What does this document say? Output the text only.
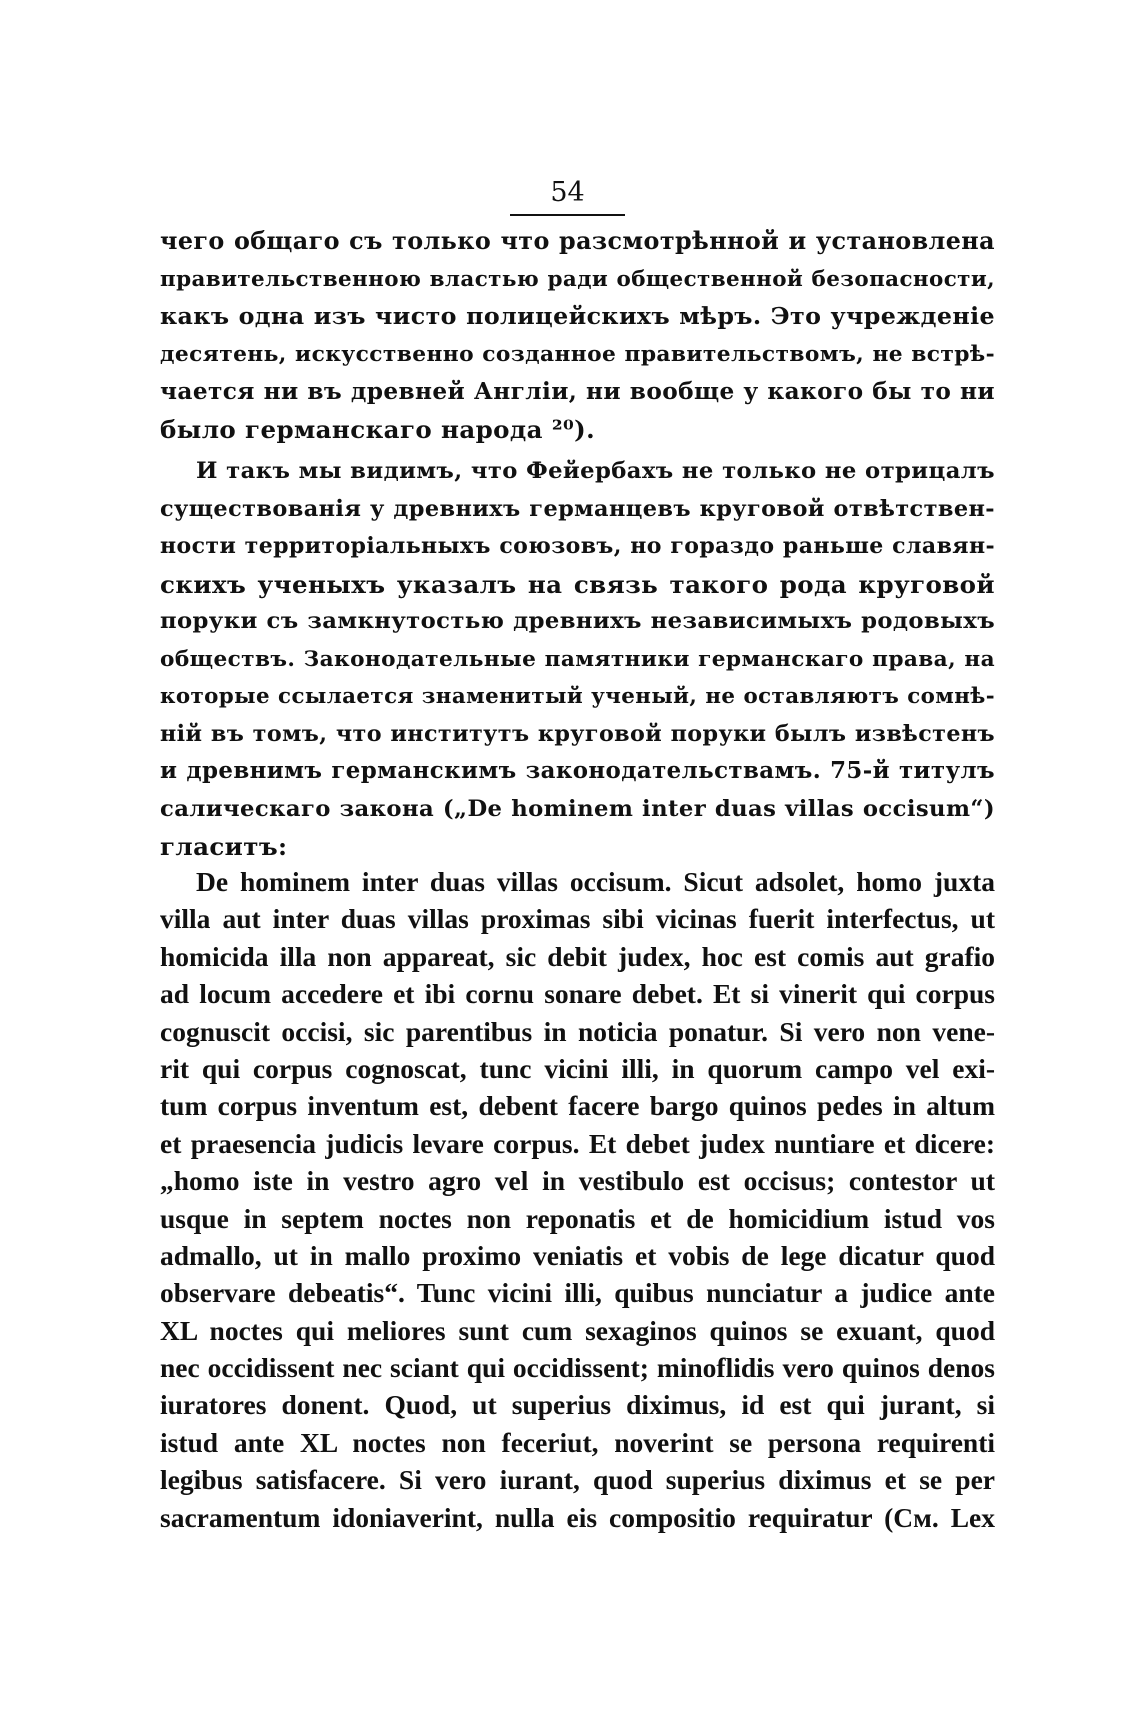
54
чего общаго съ только что разсмотрѣнной и установлена
правительственною властью ради общественной безопасности,
какъ одна изъ чисто полицейскихъ мѣръ. Это учрежденіе
десятень, искусственно созданное правительствомъ, не встрѣ-
чается ни въ древней Англіи, ни вообще у какого бы то ни
было германскаго народа ²⁰).
И такъ мы видимъ, что Фейербахъ не только не отрицалъ
существованія у древнихъ германцевъ круговой отвѣтствен-
ности территоріальныхъ союзовъ, но гораздо раньше славян-
скихъ ученыхъ указалъ на связь такого рода круговой
поруки съ замкнутостью древнихъ независимыхъ родовыхъ
обществъ. Законодательные памятники германскаго права, на
которые ссылается знаменитый ученый, не оставляютъ сомнѣ-
ній въ томъ, что институтъ круговой поруки былъ извѣстенъ
и древнимъ германскимъ законодательствамъ. 75-й титулъ
салическаго закона („De hominem inter duas villas occisum“)
гласитъ:
De hominem inter duas villas occisum. Sicut adsolet, homo juxta
villa aut inter duas villas proximas sibi vicinas fuerit interfectus, ut
homicida illa non appareat, sic debit judex, hoc est comis aut grafio
ad locum accedere et ibi cornu sonare debet. Et si vinerit qui corpus
cognuscit occisi, sic parentibus in noticia ponatur. Si vero non vene-
rit qui corpus cognoscat, tunc vicini illi, in quorum campo vel exi-
tum corpus inventum est, debent facere bargo quinos pedes in altum
et praesencia judicis levare corpus. Et debet judex nuntiare et dicere:
„homo iste in vestro agro vel in vestibulo est occisus; contestor ut
usque in septem noctes non reponatis et de homicidium istud vos
admallo, ut in mallo proximo veniatis et vobis de lege dicatur quod
observare debeatis“. Tunc vicini illi, quibus nunciatur a judice ante
XL noctes qui meliores sunt cum sexaginos quinos se exuant, quod
nec occidissent nec sciant qui occidissent; minoflidis vero quinos denos
iuratores donent. Quod, ut superius diximus, id est qui jurant, si
istud ante XL noctes non feceriut, noverint se persona requirenti
legibus satisfacere. Si vero iurant, quod superius diximus et se per
sacramentum idoniaverint, nulla eis compositio requiratur (См. Lex
